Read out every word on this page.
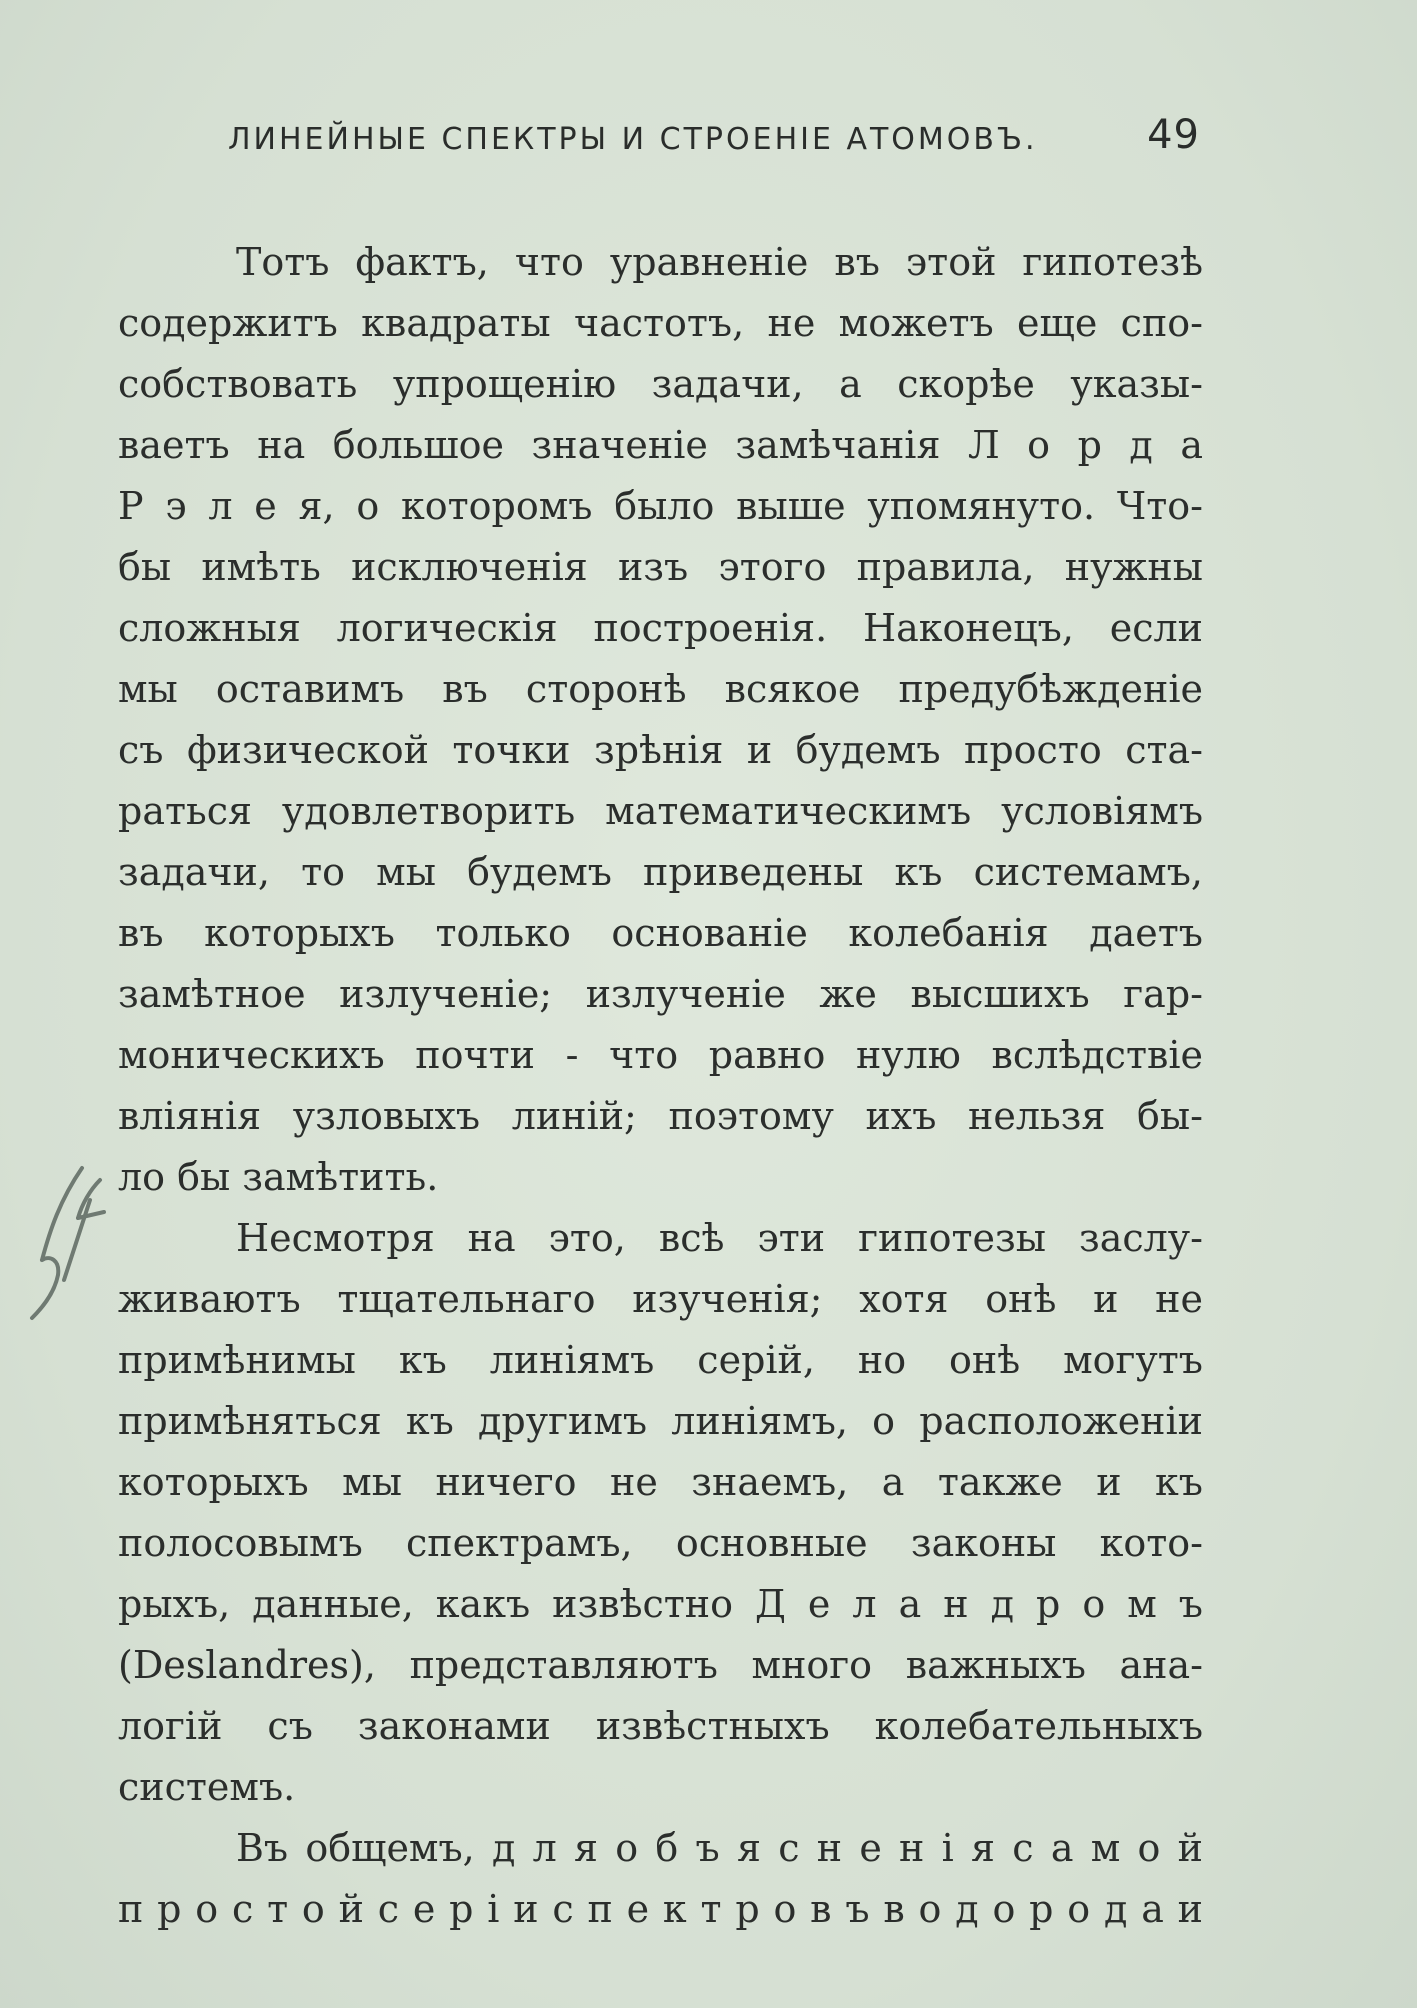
ЛИНЕЙНЫЕ СПЕКТРЫ И СТРОЕНІЕ АТОМОВЪ.	49
Тотъ фактъ, что уравненіе въ этой гипотезѣ
содержитъ квадраты частотъ, не можетъ еще спо-
собствовать упрощенію задачи, а скорѣе указы-
ваетъ на большое значеніе замѣчанія Л о р д а
Р э л е я, о которомъ было выше упомянуто. Что-
бы имѣть исключенія изъ этого правила, нужны
сложныя логическія построенія. Наконецъ, если
мы оставимъ въ сторонѣ всякое предубѣжденіе
съ физической точки зрѣнія и будемъ просто ста-
раться удовлетворить математическимъ условіямъ
задачи, то мы будемъ приведены къ системамъ,
въ которыхъ только основаніе колебанія даетъ
замѣтное излученіе; излученіе же высшихъ гар-
моническихъ почти - что равно нулю вслѣдствіе
вліянія узловыхъ линій; поэтому ихъ нельзя бы-
ло бы замѣтить.
Несмотря на это, всѣ эти гипотезы заслу-
живаютъ тщательнаго изученія; хотя онѣ и не
примѣнимы къ линіямъ серій, но онѣ могутъ
примѣняться къ другимъ линіямъ, о расположеніи
которыхъ мы ничего не знаемъ, а также и къ
полосовымъ спектрамъ, основные законы кото-
рыхъ, данные, какъ извѣстно Д е л а н д р о м ъ
(Deslandres), представляютъ много важныхъ ана-
логій съ законами извѣстныхъ колебательныхъ
системъ.
Въ общемъ, д л я о б ъ я с н е н і я с а м о й
п р о с т о й с е р і и с п е к т р о в ъ в о д о р о д а и
